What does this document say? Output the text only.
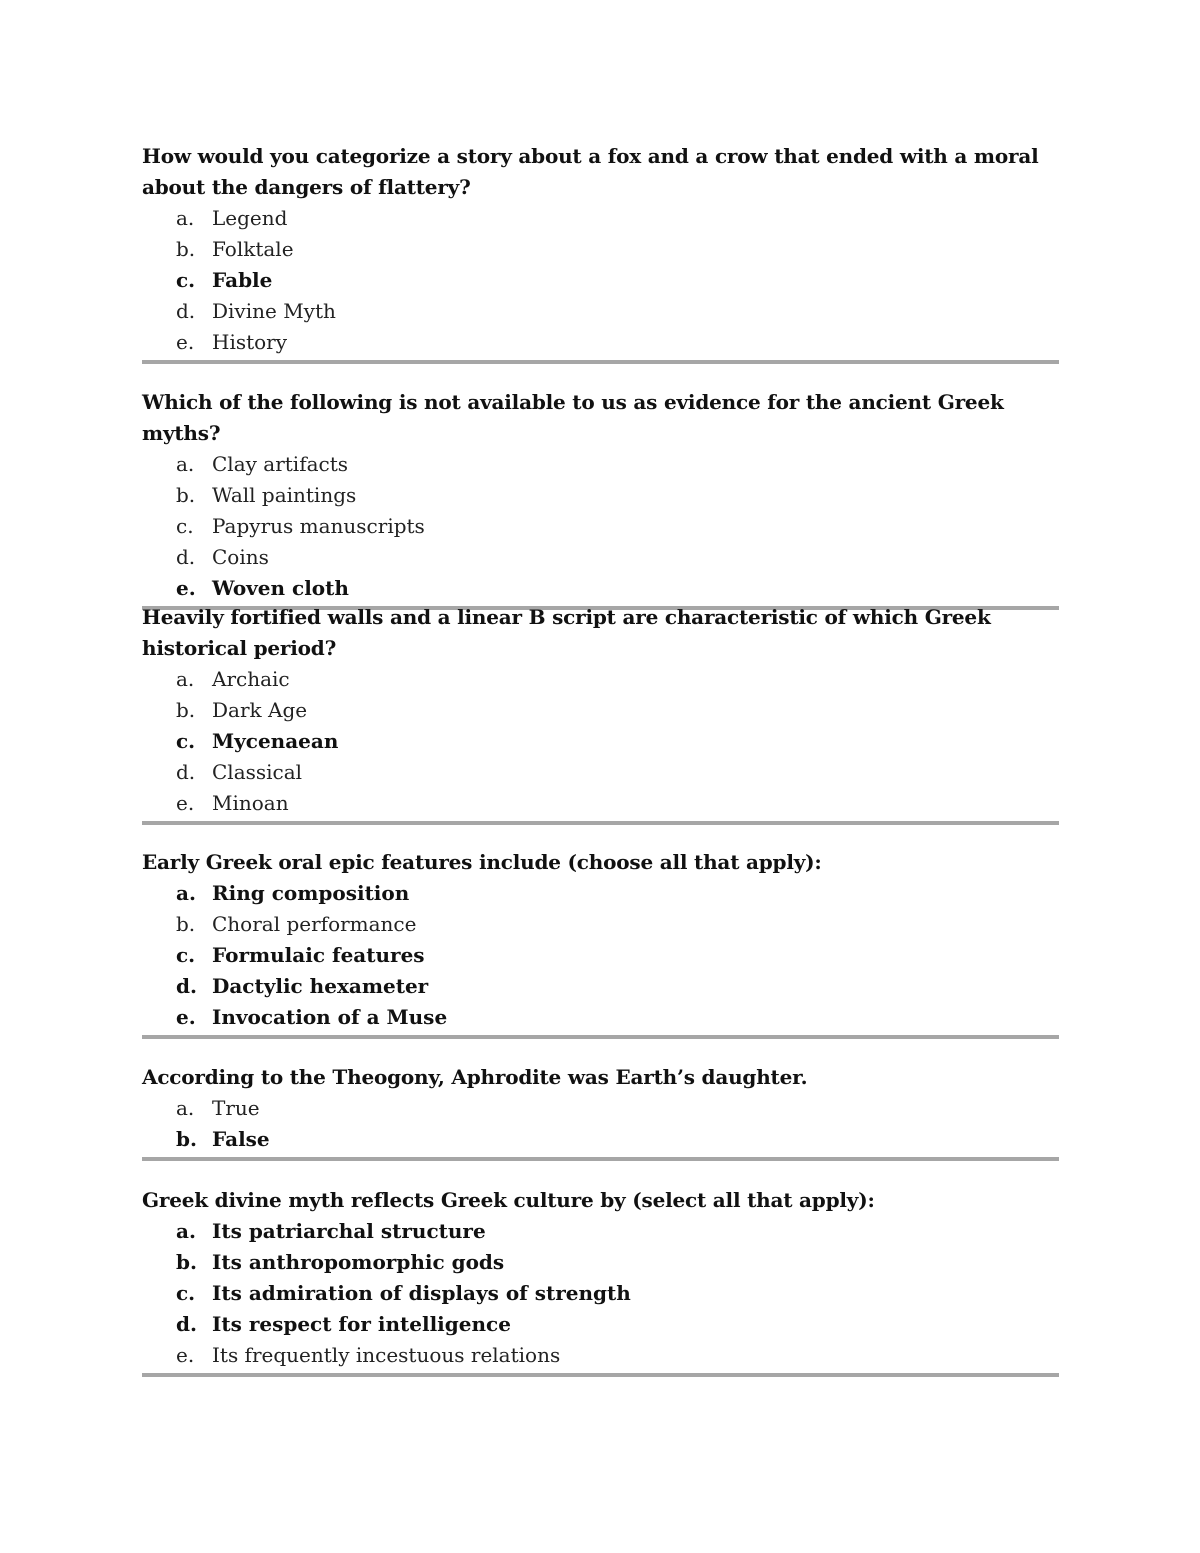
How would you categorize a story about a fox and a crow that ended with a moral about the dangers of flattery?

a. Legend
b. Folktale
c. Fable
d. Divine Myth
e. History

Which of the following is not available to us as evidence for the ancient Greek myths?

a. Clay artifacts
b. Wall paintings
c. Papyrus manuscripts
d. Coins
e. Woven cloth

Heavily fortified walls and a linear B script are characteristic of which Greek historical period?

a. Archaic
b. Dark Age
c. Mycenaean
d. Classical
e. Minoan

Early Greek oral epic features include (choose all that apply):

a. Ring composition
b. Choral performance
c. Formulaic features
d. Dactylic hexameter
e. Invocation of a Muse

According to the Theogony, Aphrodite was Earth’s daughter.

a. True
b. False

Greek divine myth reflects Greek culture by (select all that apply):

a. Its patriarchal structure
b. Its anthropomorphic gods
c. Its admiration of displays of strength
d. Its respect for intelligence
e. Its frequently incestuous relations
